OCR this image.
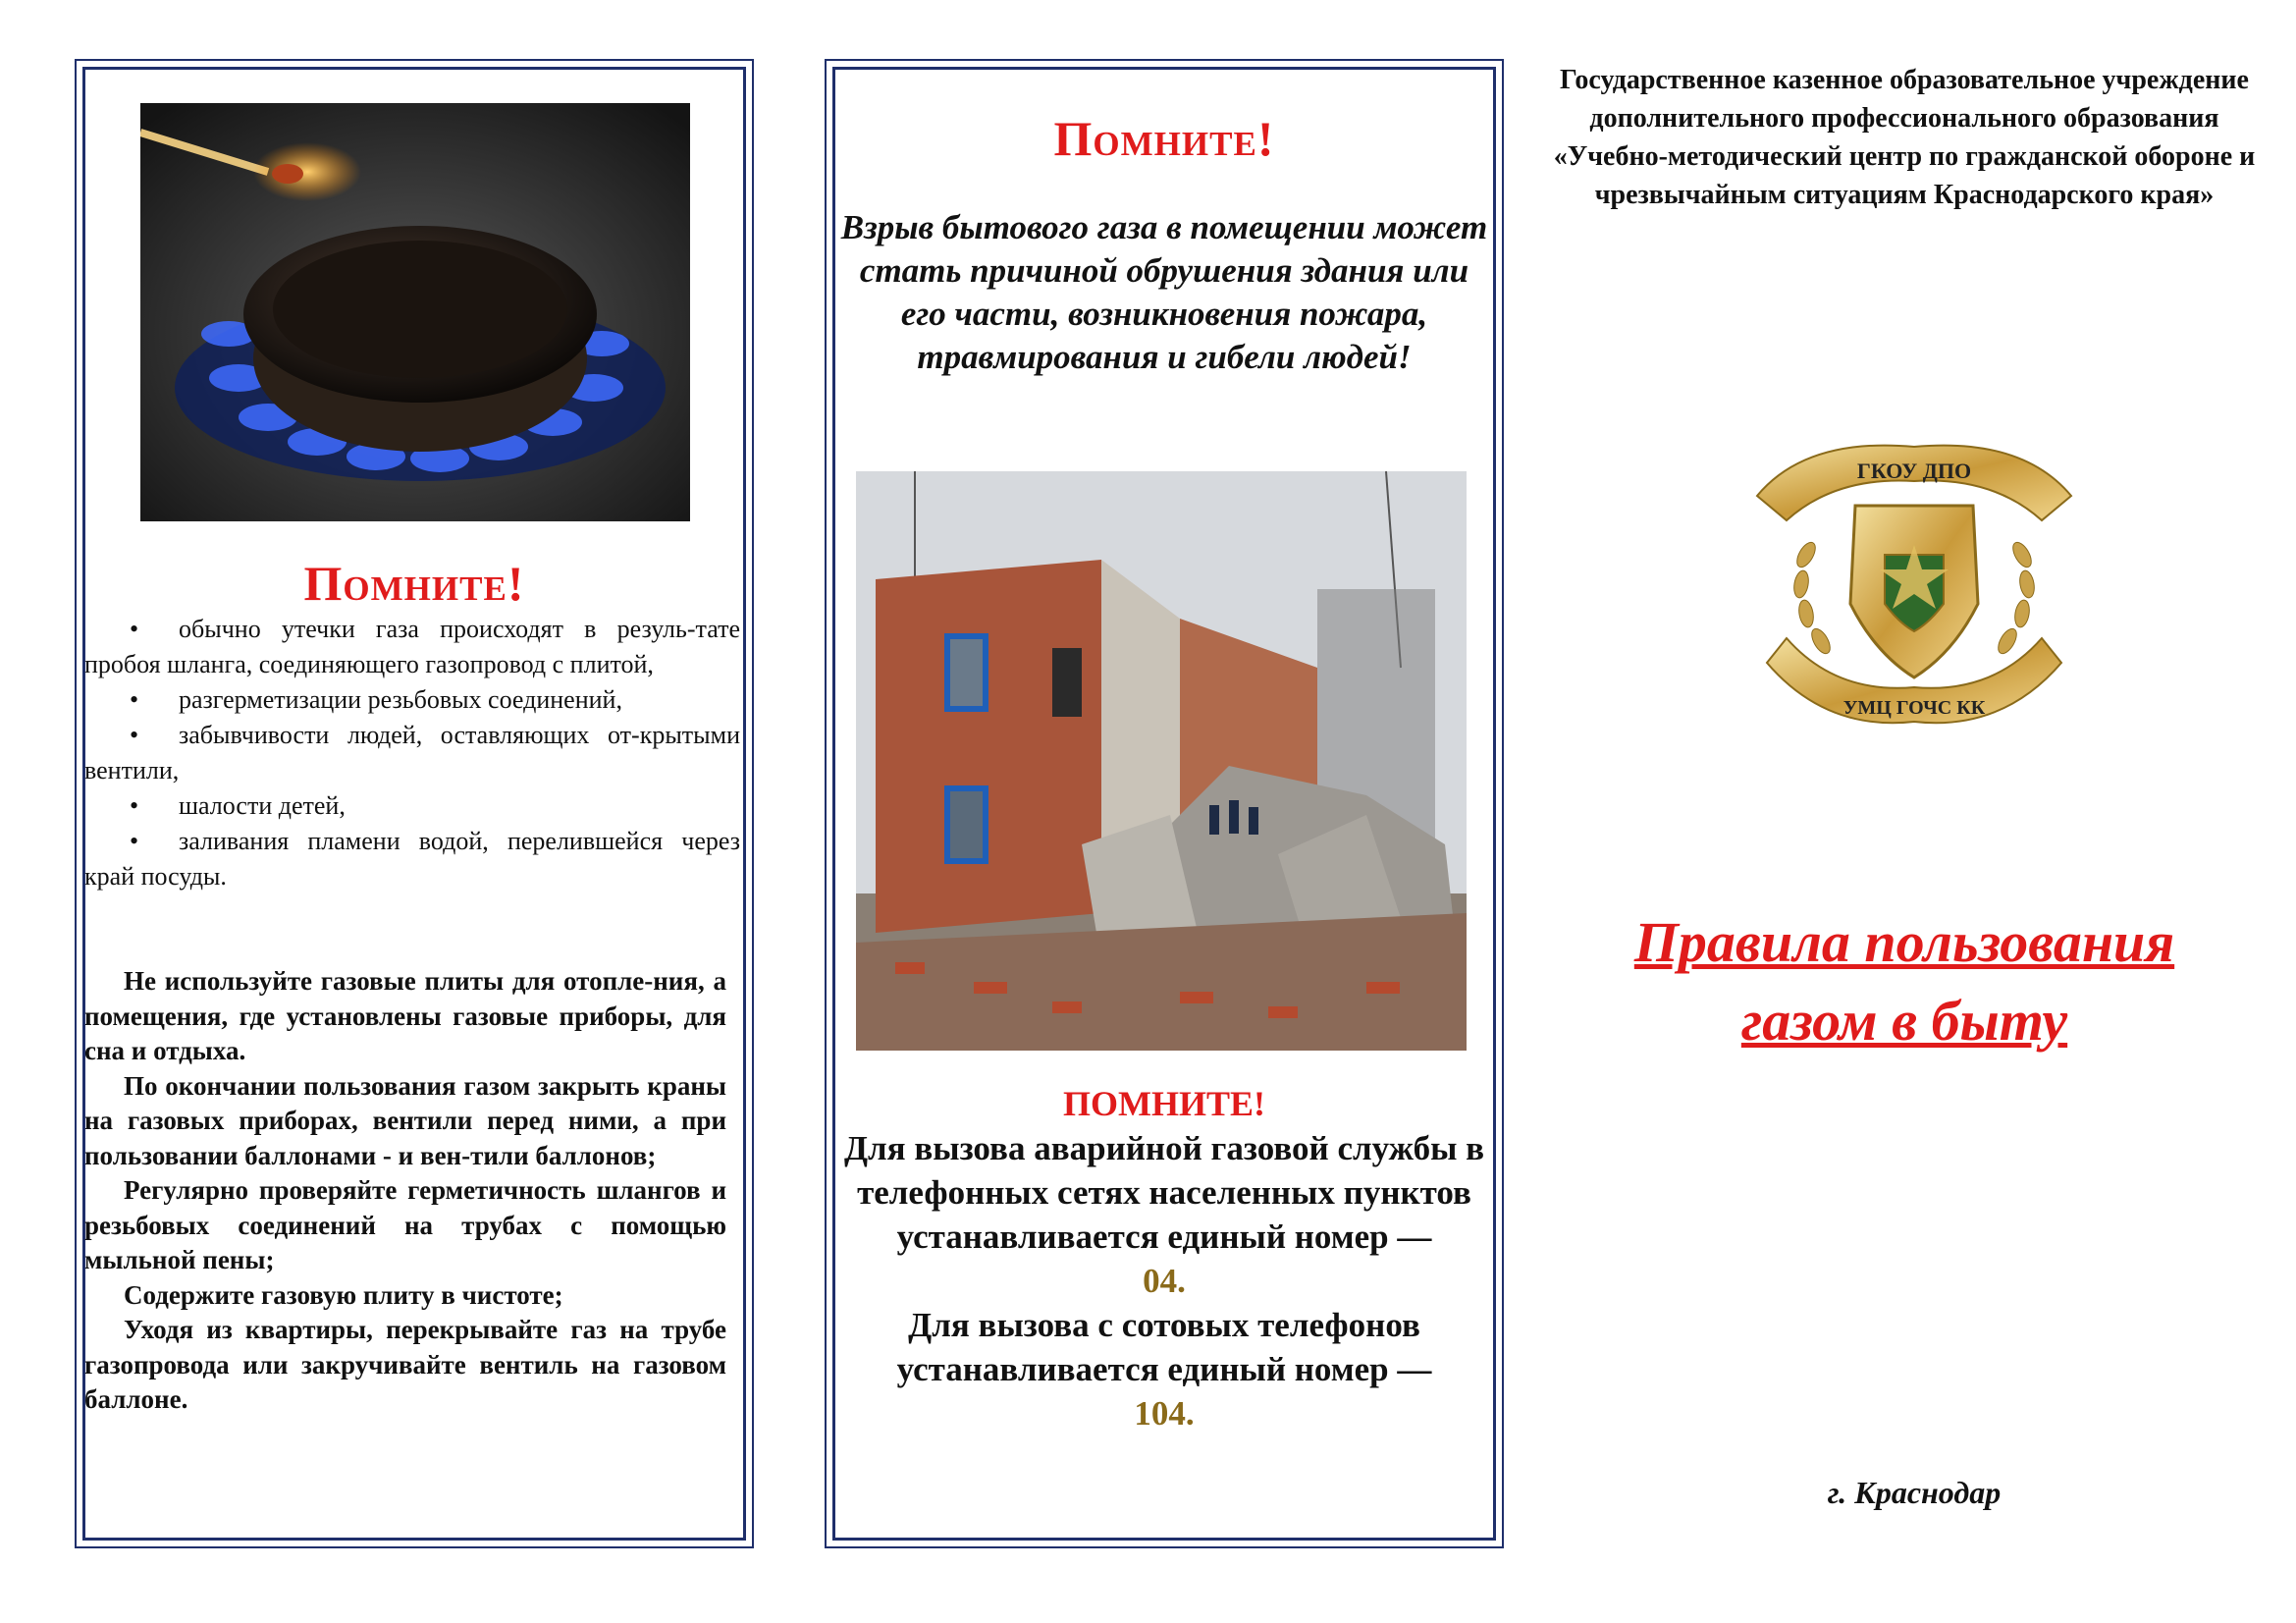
Помните!
• обычно утечки газа происходят в резуль-тате пробоя шланга, соединяющего газопровод с плитой,
• разгерметизации резьбовых соединений,
• забывчивости людей, оставляющих от-крытыми вентили,
• шалости детей,
• заливания пламени водой, перелившейся через край посуды.

Не используйте газовые плиты для отопле-ния, а помещения, где установлены газовые приборы, для сна и отдыха.

По окончании пользования газом закрыть краны на газовых приборах, вентили перед ними, а при пользовании баллонами - и вен-тили баллонов;

Регулярно проверяйте герметичность шлангов и резьбовых соединений на трубах с помощью мыльной пены;

Содержите газовую плиту в чистоте;

Уходя из квартиры, перекрывайте газ на трубе газопровода или закручивайте вентиль на газовом баллоне.

Помните!
Взрыв бытового газа в помещении может стать причиной обрушения здания или его части, возникновения пожара, травмирования и гибели людей!
ПОМНИТЕ!
Для вызова аварийной газовой службы в телефонных сетях населенных пунктов устанавливается единый номер —
04.
Для вызова с сотовых телефонов устанавливается единый номер —
104.
Государственное казенное образовательное учреждение дополнительного профессионального образования «Учебно-методический центр по гражданской обороне и чрезвычайным ситуациям Краснодарского края»
ГКОУ ДПО
УМЦ ГОЧС КК
Правила пользования
газом в быту
г. Краснодар
